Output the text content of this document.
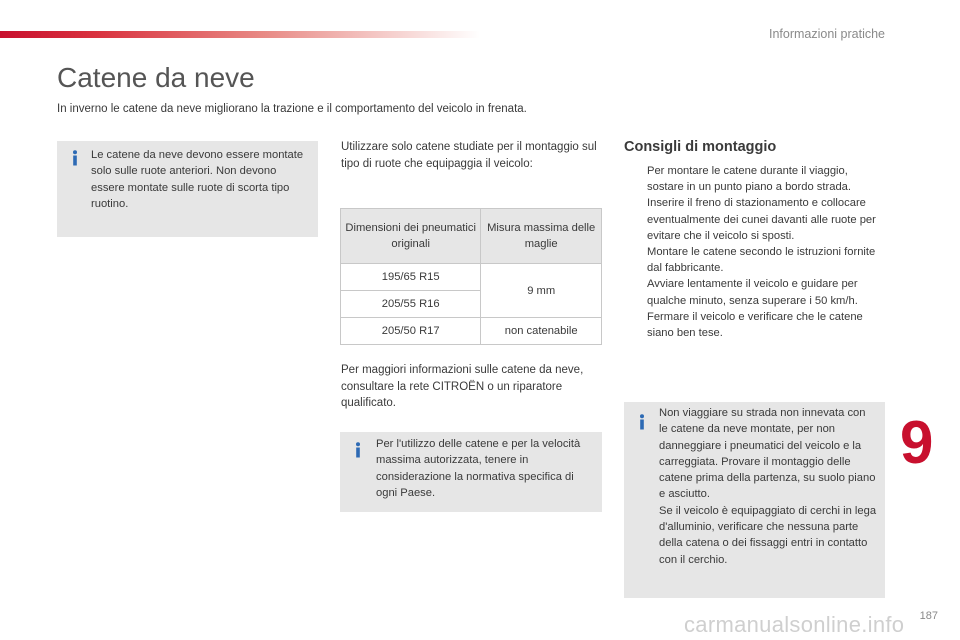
Informazioni pratiche
Catene da neve
In inverno le catene da neve migliorano la trazione e il comportamento del veicolo in frenata.
Le catene da neve devono essere montate solo sulle ruote anteriori. Non devono essere montate sulle ruote di scorta tipo ruotino.
Utilizzare solo catene studiate per il montaggio sul tipo di ruote che equipaggia il veicolo:
Dimensioni dei pneumatici originali	Misura massima delle maglie
195/65 R15	9 mm
205/55 R16	
205/50 R17	non catenabile
Per maggiori informazioni sulle catene da neve, consultare la rete CITROËN o un riparatore qualificato.
Per l'utilizzo delle catene e per la velocità massima autorizzata, tenere in considerazione la normativa specifica di ogni Paese.
Consigli di montaggio
Per montare le catene durante il viaggio, sostare in un punto piano a bordo strada.
Inserire il freno di stazionamento e collocare eventualmente dei cunei davanti alle ruote per evitare che il veicolo si sposti.
Montare le catene secondo le istruzioni fornite dal fabbricante.
Avviare lentamente il veicolo e guidare per qualche minuto, senza superare i 50 km/h.
Fermare il veicolo e verificare che le catene siano ben tese.
Non viaggiare su strada non innevata con le catene da neve montate, per non danneggiare i pneumatici del veicolo e la carreggiata. Provare il montaggio delle catene prima della partenza, su suolo piano e asciutto.
Se il veicolo è equipaggiato di cerchi in lega d'alluminio, verificare che nessuna parte della catena o dei fissaggi entri in contatto con il cerchio.
9
carmanualsonline.info 187
